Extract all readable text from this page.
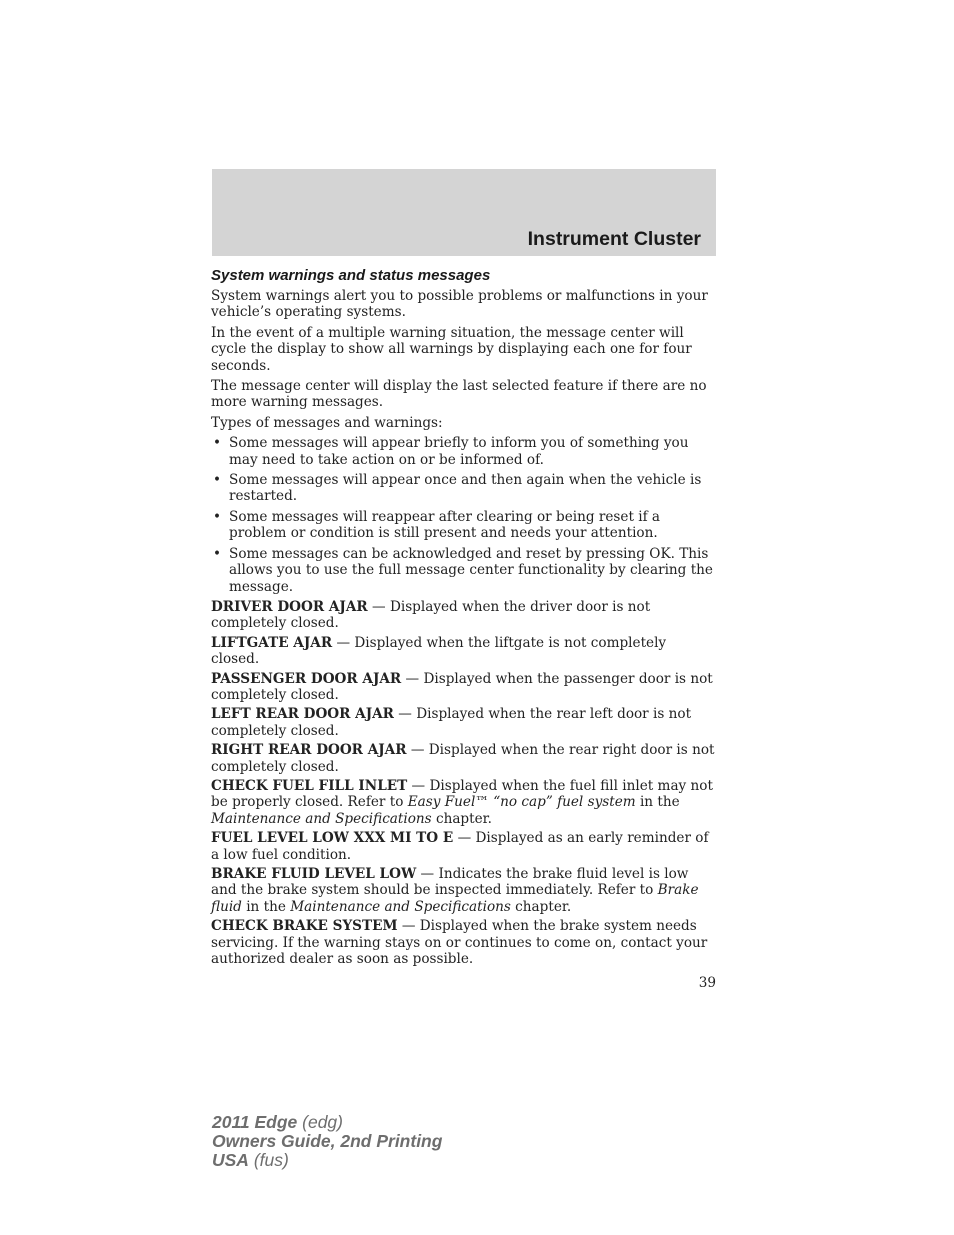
Instrument Cluster
System warnings and status messages

System warnings alert you to possible problems or malfunctions in your vehicle’s operating systems.

In the event of a multiple warning situation, the message center will cycle the display to show all warnings by displaying each one for four seconds.

The message center will display the last selected feature if there are no more warning messages.

Types of messages and warnings:

• Some messages will appear briefly to inform you of something you may need to take action on or be informed of.
• Some messages will appear once and then again when the vehicle is restarted.
• Some messages will reappear after clearing or being reset if a problem or condition is still present and needs your attention.
• Some messages can be acknowledged and reset by pressing OK. This allows you to use the full message center functionality by clearing the message.
DRIVER DOOR AJAR — Displayed when the driver door is not completely closed.
LIFTGATE AJAR — Displayed when the liftgate is not completely closed.
PASSENGER DOOR AJAR — Displayed when the passenger door is not completely closed.
LEFT REAR DOOR AJAR — Displayed when the rear left door is not completely closed.
RIGHT REAR DOOR AJAR — Displayed when the rear right door is not completely closed.
CHECK FUEL FILL INLET — Displayed when the fuel fill inlet may not be properly closed. Refer to Easy Fuel™ “no cap” fuel system in the Maintenance and Specifications chapter.
FUEL LEVEL LOW XXX MI TO E — Displayed as an early reminder of a low fuel condition.
BRAKE FLUID LEVEL LOW — Indicates the brake fluid level is low and the brake system should be inspected immediately. Refer to Brake fluid in the Maintenance and Specifications chapter.
CHECK BRAKE SYSTEM — Displayed when the brake system needs servicing. If the warning stays on or continues to come on, contact your authorized dealer as soon as possible.
39
2011 Edge (edg)
Owners Guide, 2nd Printing
USA (fus)
